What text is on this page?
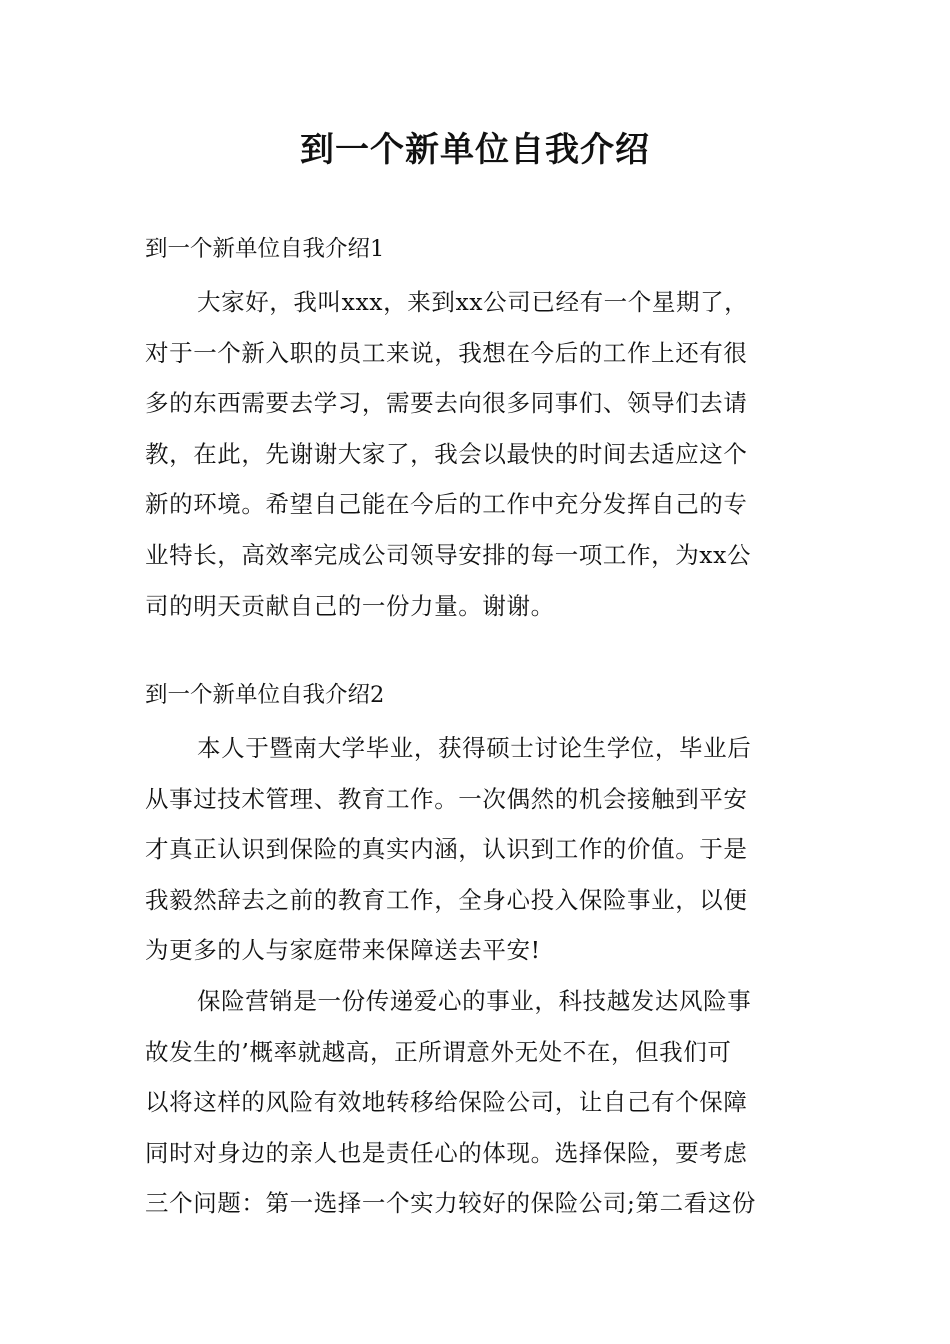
到一个新单位自我介绍
到一个新单位自我介绍1
大家好，我叫xxx，来到xx公司已经有一个星期了，
对于一个新入职的员工来说，我想在今后的工作上还有很
多的东西需要去学习，需要去向很多同事们、领导们去请
教，在此，先谢谢大家了，我会以最快的时间去适应这个
新的环境。希望自己能在今后的工作中充分发挥自己的专
业特长，高效率完成公司领导安排的每一项工作，为xx公
司的明天贡献自己的一份力量。谢谢。
到一个新单位自我介绍2
本人于暨南大学毕业，获得硕士讨论生学位，毕业后
从事过技术管理、教育工作。一次偶然的机会接触到平安
才真正认识到保险的真实内涵，认识到工作的价值。于是
我毅然辞去之前的教育工作，全身心投入保险事业，以便
为更多的人与家庭带来保障送去平安!
保险营销是一份传递爱心的事业，科技越发达风险事
故发生的’概率就越高，正所谓意外无处不在，但我们可
以将这样的风险有效地转移给保险公司，让自己有个保障
同时对身边的亲人也是责任心的体现。选择保险，要考虑
三个问题：第一选择一个实力较好的保险公司;第二看这份
